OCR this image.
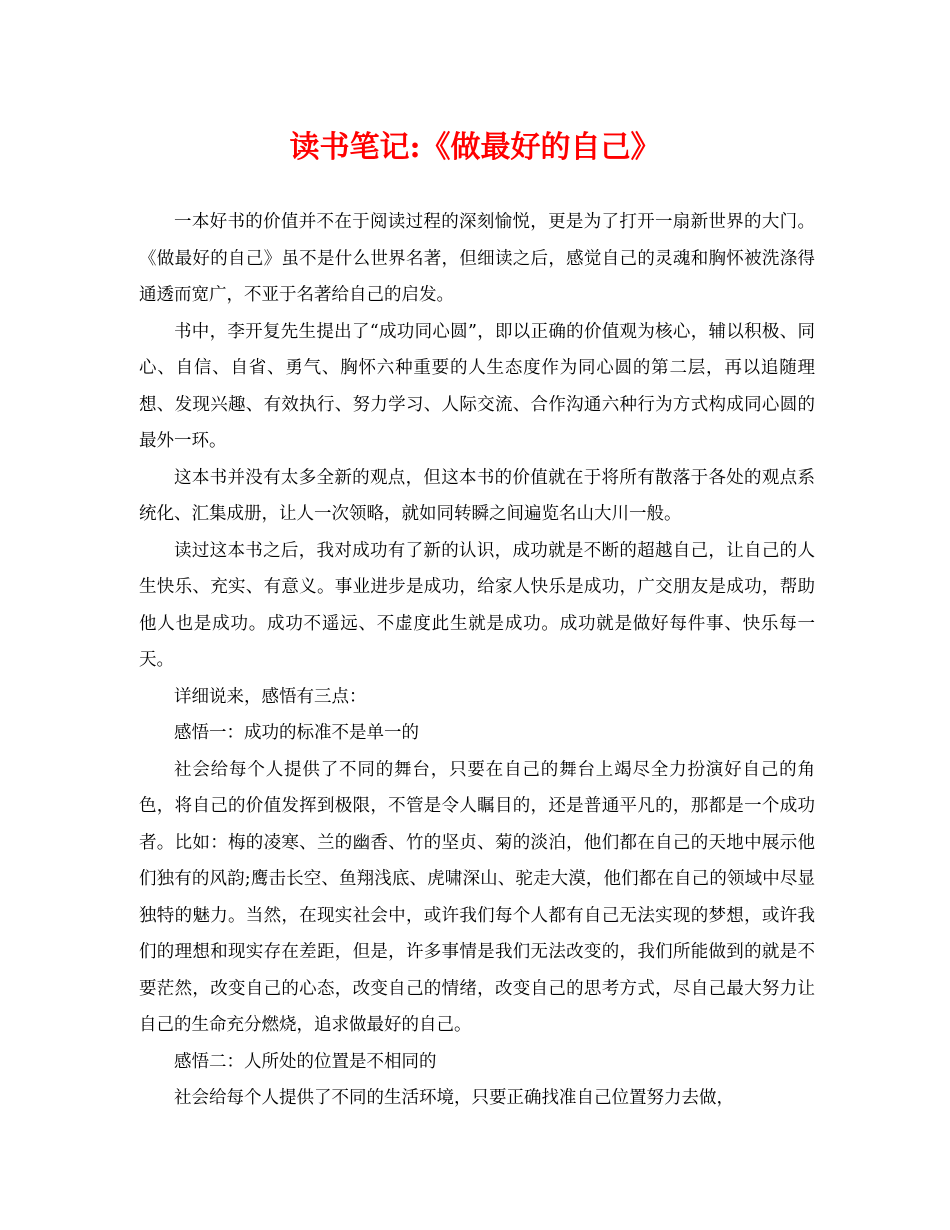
读书笔记:《做最好的自己》

一本好书的价值并不在于阅读过程的深刻愉悦，更是为了打开一扇新世界的大门。《做最好的自己》虽不是什么世界名著，但细读之后，感觉自己的灵魂和胸怀被洗涤得通透而宽广，不亚于名著给自己的启发。

书中，李开复先生提出了“成功同心圆”，即以正确的价值观为核心，辅以积极、同心、自信、自省、勇气、胸怀六种重要的人生态度作为同心圆的第二层，再以追随理想、发现兴趣、有效执行、努力学习、人际交流、合作沟通六种行为方式构成同心圆的最外一环。

这本书并没有太多全新的观点，但这本书的价值就在于将所有散落于各处的观点系统化、汇集成册，让人一次领略，就如同转瞬之间遍览名山大川一般。

读过这本书之后，我对成功有了新的认识，成功就是不断的超越自己，让自己的人生快乐、充实、有意义。事业进步是成功，给家人快乐是成功，广交朋友是成功，帮助他人也是成功。成功不遥远、不虚度此生就是成功。成功就是做好每件事、快乐每一天。

详细说来，感悟有三点：

感悟一：成功的标准不是单一的

社会给每个人提供了不同的舞台，只要在自己的舞台上竭尽全力扮演好自己的角色，将自己的价值发挥到极限，不管是令人瞩目的，还是普通平凡的，那都是一个成功者。比如：梅的凌寒、兰的幽香、竹的坚贞、菊的淡泊，他们都在自己的天地中展示他们独有的风韵;鹰击长空、鱼翔浅底、虎啸深山、驼走大漠，他们都在自己的领域中尽显独特的魅力。当然，在现实社会中，或许我们每个人都有自己无法实现的梦想，或许我们的理想和现实存在差距，但是，许多事情是我们无法改变的，我们所能做到的就是不要茫然，改变自己的心态，改变自己的情绪，改变自己的思考方式，尽自己最大努力让自己的生命充分燃烧，追求做最好的自己。

感悟二：人所处的位置是不相同的

社会给每个人提供了不同的生活环境，只要正确找准自己位置努力去做，
